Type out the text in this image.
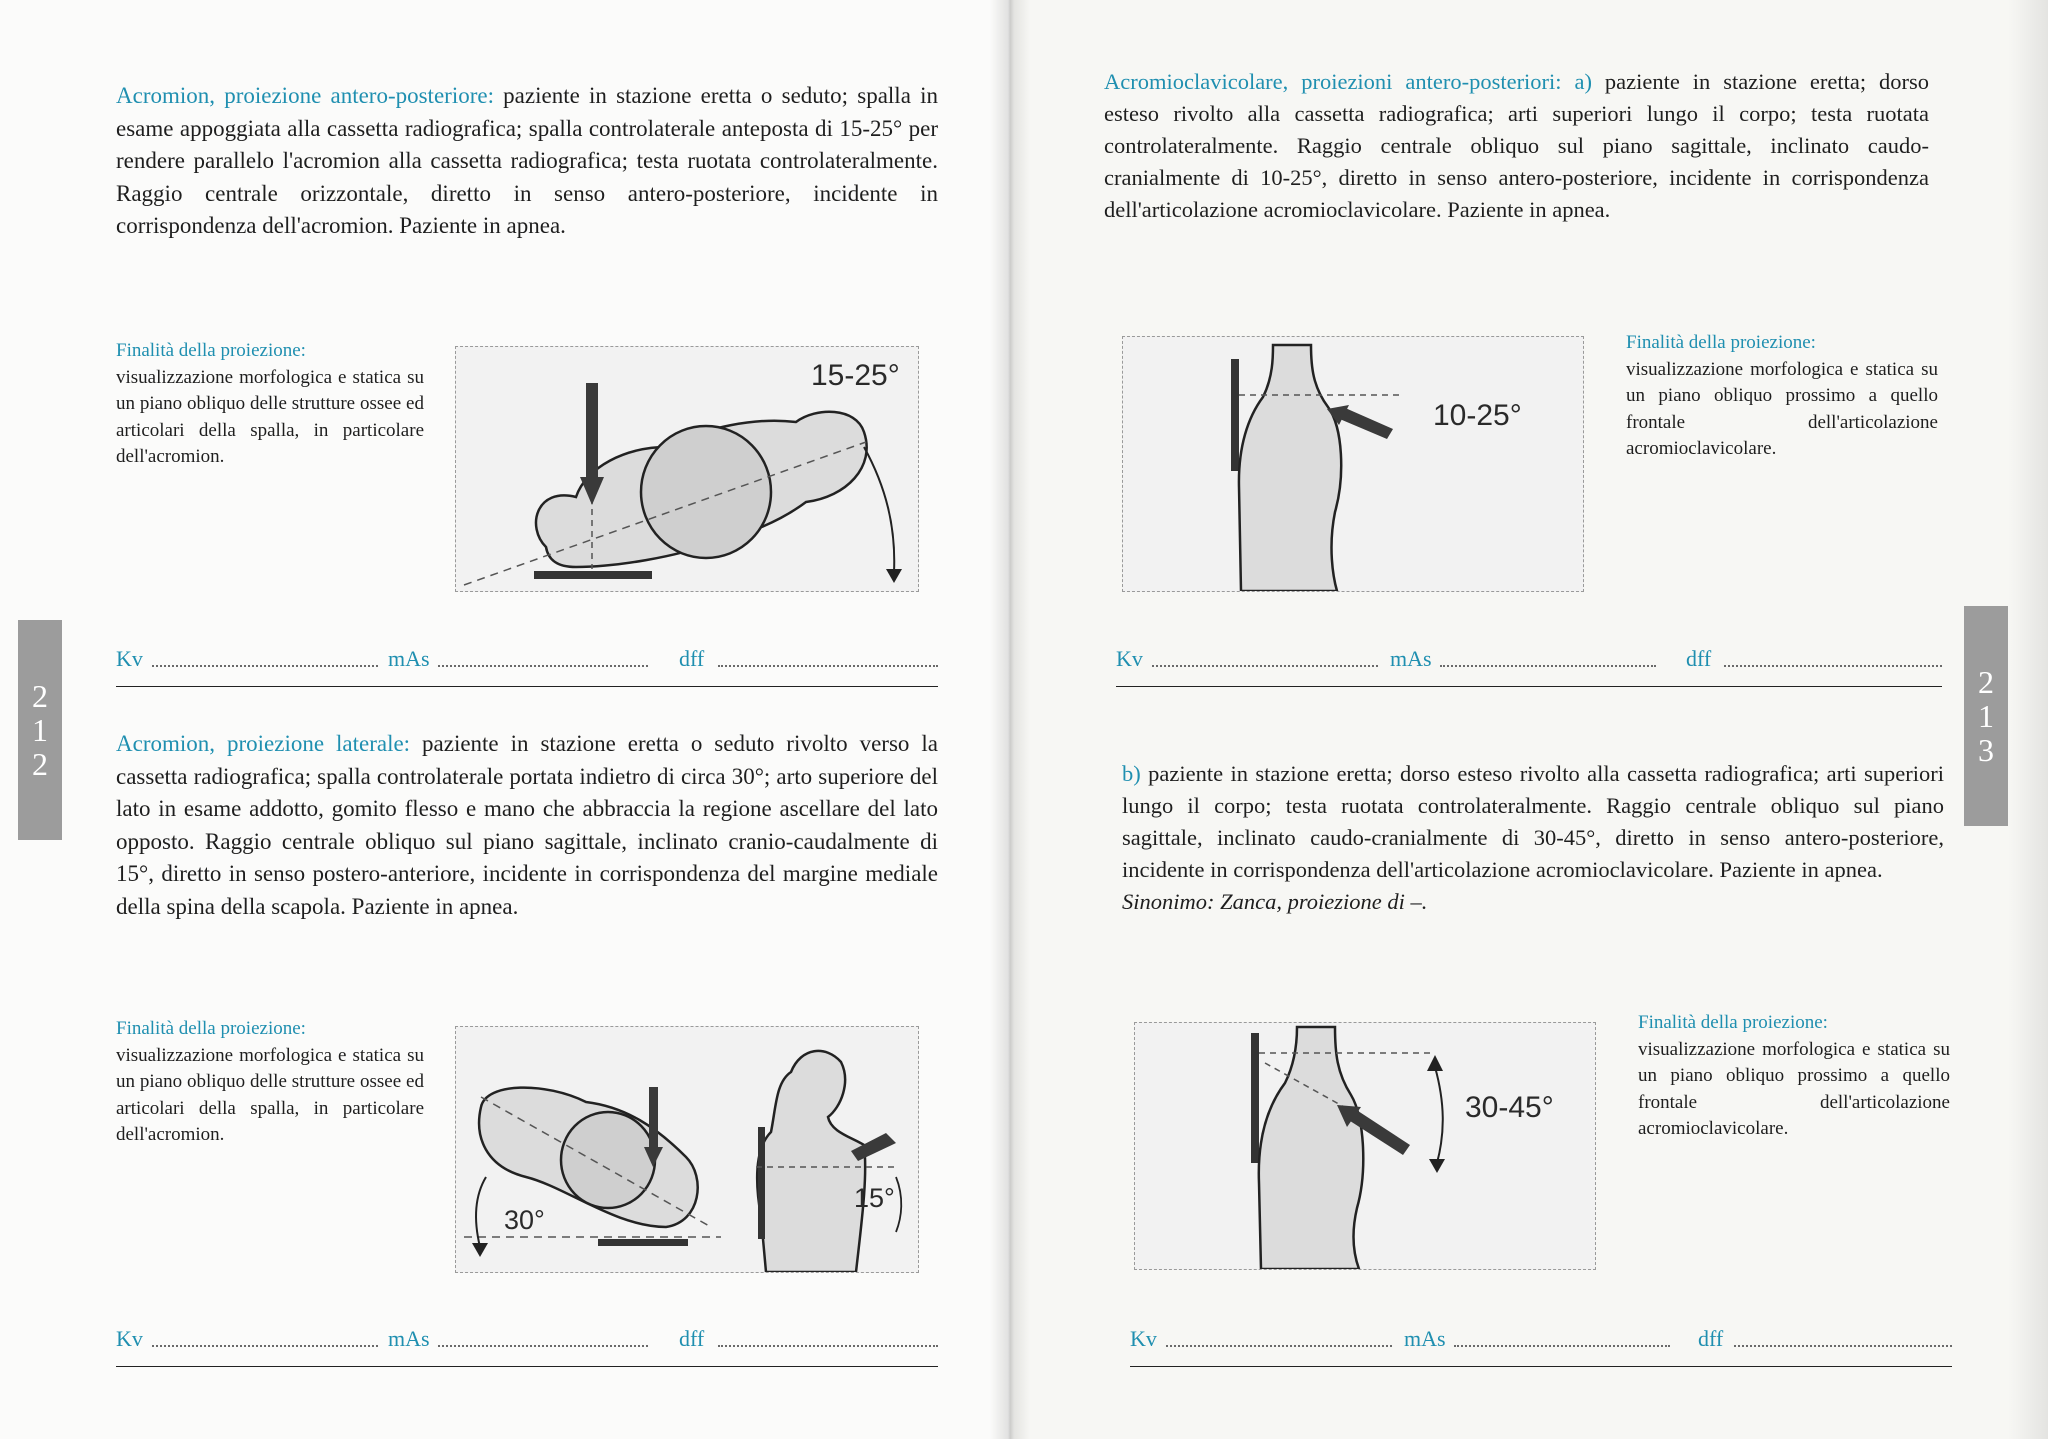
Acromion, proiezione antero-posteriore: paziente in stazione eretta o seduto; spalla in esame appoggiata alla cassetta radiografica; spalla controlaterale anteposta di 15-25° per rendere parallelo l'acromion alla cassetta radiografica; testa ruotata controlateralmente. Raggio centrale orizzontale, diretto in senso antero-posteriore, incidente in corrispondenza dell'acromion. Paziente in apnea.

Finalità della proiezione:
visualizzazione morfologica e statica su un piano obliquo delle strutture ossee ed articolari della spalla, in particolare dell'acromion.
15-25°
Kv	mAs	dff

Acromion, proiezione laterale: paziente in stazione eretta o seduto rivolto verso la cassetta radiografica; spalla controlaterale portata indietro di circa 30°; arto superiore del lato in esame addotto, gomito flesso e mano che abbraccia la regione ascellare del lato opposto. Raggio centrale obliquo sul piano sagittale, inclinato cranio-caudalmente di 15°, diretto in senso postero-anteriore, incidente in corrispondenza del margine mediale della spina della scapola. Paziente in apnea.

Finalità della proiezione:
visualizzazione morfologica e statica su un piano obliquo delle strutture ossee ed articolari della spalla, in particolare dell'acromion.
30°
15°
Kv	mAs	dff
2
1
2

Acromioclavicolare, proiezioni antero-posteriori: a) paziente in stazione eretta; dorso esteso rivolto alla cassetta radiografica; arti superiori lungo il corpo; testa ruotata controlateralmente. Raggio centrale obliquo sul piano sagittale, inclinato caudo-cranialmente di 10-25°, diretto in senso antero-posteriore, incidente in corrispondenza dell'articolazione acromioclavicolare. Paziente in apnea.

10-25°
Finalità della proiezione:
visualizzazione morfologica e statica su un piano obliquo prossimo a quello frontale dell'articolazione acromioclavicolare.
Kv	mAs	dff

b) paziente in stazione eretta; dorso esteso rivolto alla cassetta radiografica; arti superiori lungo il corpo; testa ruotata controlateralmente. Raggio centrale obliquo sul piano sagittale, inclinato caudo-cranialmente di 30-45°, diretto in senso antero-posteriore, incidente in corrispondenza dell'articolazione acromioclavicolare. Paziente in apnea.
Sinonimo: Zanca, proiezione di –.

30-45°
Finalità della proiezione:
visualizzazione morfologica e statica su un piano obliquo prossimo a quello frontale dell'articolazione acromioclavicolare.
Kv	mAs	dff
2
1
3
